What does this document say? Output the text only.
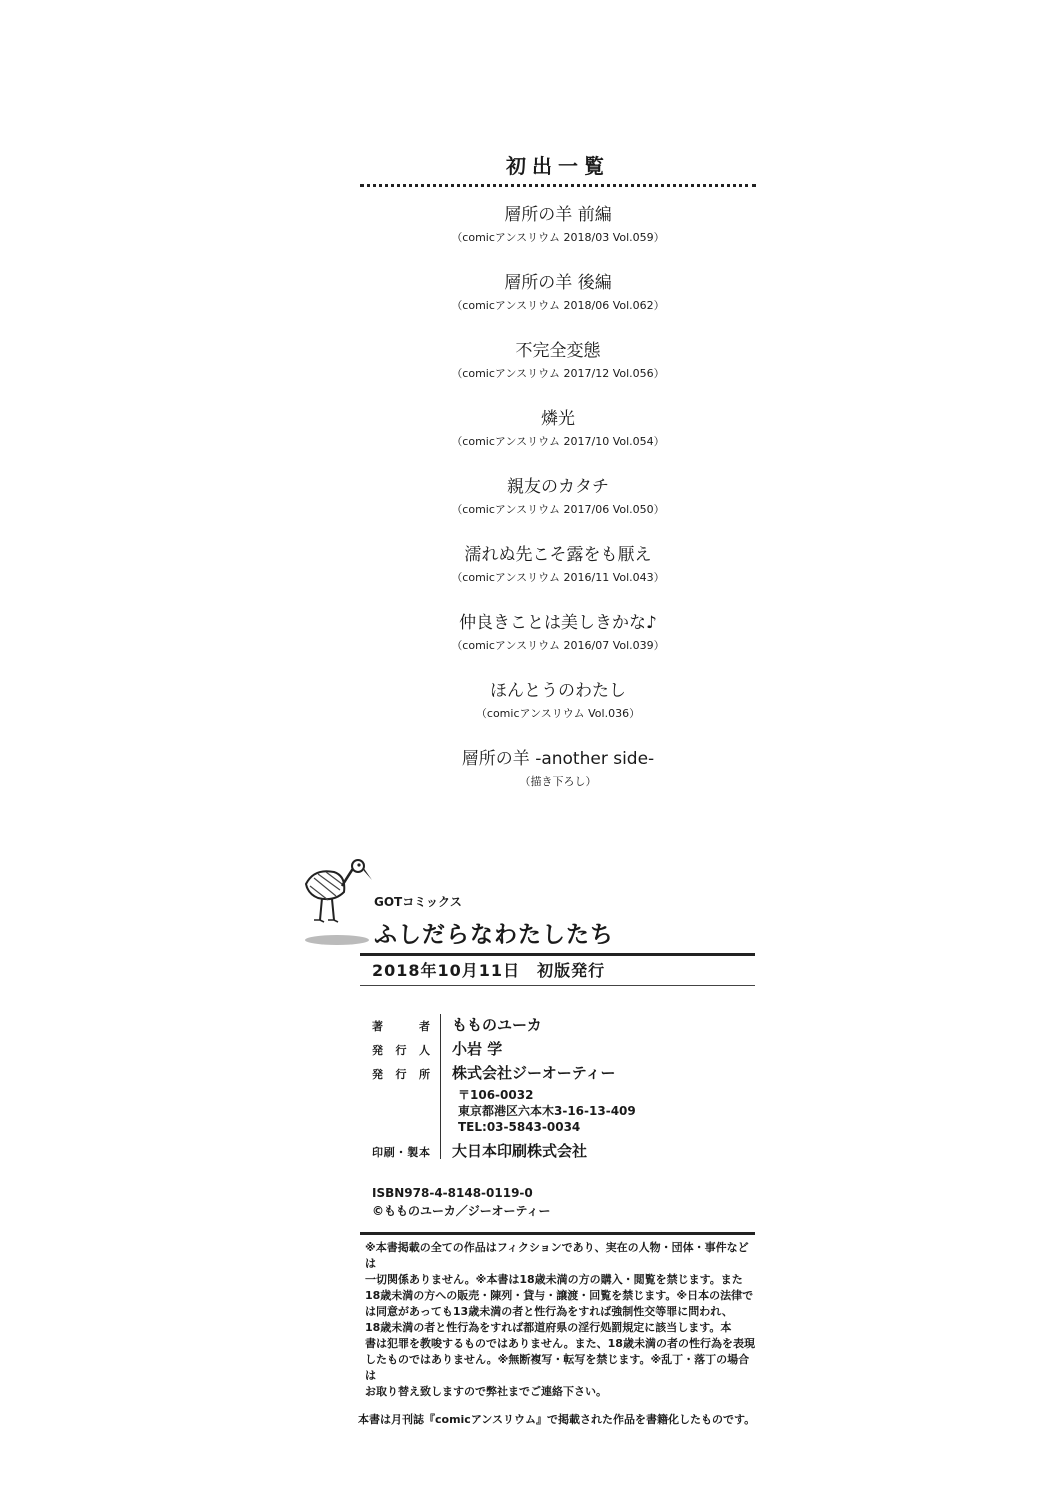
初出一覧
層所の羊 前編
（comicアンスリウム 2018/03 Vol.059）
層所の羊 後編
（comicアンスリウム 2018/06 Vol.062）
不完全変態
（comicアンスリウム 2017/12 Vol.056）
燐光
（comicアンスリウム 2017/10 Vol.054）
親友のカタチ
（comicアンスリウム 2017/06 Vol.050）
濡れぬ先こそ露をも厭え
（comicアンスリウム 2016/11 Vol.043）
仲良きことは美しきかな♪
（comicアンスリウム 2016/07 Vol.039）
ほんとうのわたし
（comicアンスリウム Vol.036）
層所の羊 -another side-
（描き下ろし）
GOTコミックス
ふしだらなわたしたち
2018年10月11日　初版発行
著者 もものユーカ
発行人 小岩 学
発行所 株式会社ジーオーティー
〒106-0032
東京都港区六本木3-16-13-409
TEL:03-5843-0034
印刷・製本 大日本印刷株式会社
ISBN978-4-8148-0119-0
©もものユーカ／ジーオーティー

※本書掲載の全ての作品はフィクションであり、実在の人物・団体・事件などは

一切関係ありません。※本書は18歳未満の方の購入・閲覧を禁じます。また

18歳未満の方への販売・陳列・貸与・譲渡・回覧を禁じます。※日本の法律で

は同意があっても13歳未満の者と性行為をすれば強制性交等罪に問われ、

18歳未満の者と性行為をすれば都道府県の淫行処罰規定に該当します。本

書は犯罪を教唆するものではありません。また、18歳未満の者の性行為を表現

したものではありません。※無断複写・転写を禁じます。※乱丁・落丁の場合は

お取り替え致しますので弊社までご連絡下さい。

本書は月刊誌『comicアンスリウム』で掲載された作品を書籍化したものです。
